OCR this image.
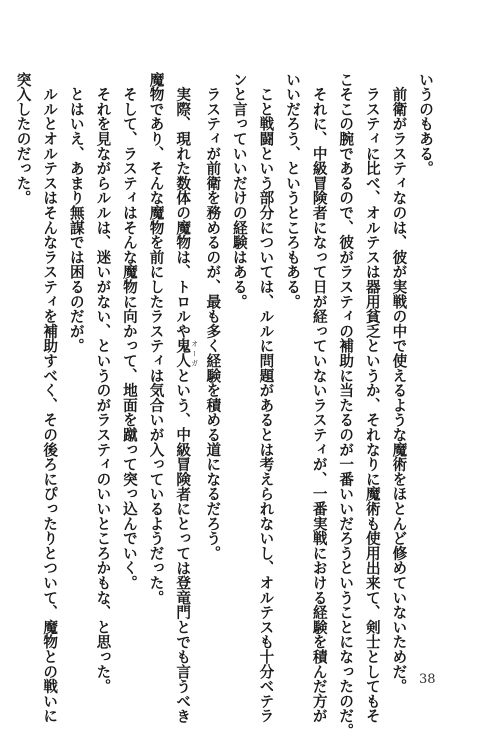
いうのもある。
　前衛がラスティなのは、彼が実戦の中で使えるような魔術をほとんど修めていないためだ。
　ラスティに比べ、オルテスは器用貧乏というか、それなりに魔術も使用出来て、剣士としてもそ
こそこの腕であるので、彼がラスティの補助に当たるのが一番いいだろうということになったのだ。
　それに、中級冒険者になって日が経っていないラスティが、一番実戦における経験を積んだ方が
いいだろう、というところもある。
　こと戦闘という部分については、ルルに問題があるとは考えられないし、オルテスも十分ベテラ
ンと言っていいだけの経験はある。
　ラスティが前衛を務めるのが、最も多く経験を積める道になるだろう。
　実際、現れた数体の魔物は、トロルや鬼人 オーガという、中級冒険者にとっては登竜門とでも言うべき
魔物であり、そんな魔物を前にしたラスティは気合いが入っているようだった。
　そして、ラスティはそんな魔物に向かって、地面を蹴って突っ込んでいく。
　それを見ながらルルは、迷いがない、というのがラスティのいいところかもな、と思った。
　とはいえ、あまり無謀では困るのだが。
　ルルとオルテスはそんなラスティを補助すべく、その後ろにぴったりとついて、魔物との戦いに
突入したのだった。
38
